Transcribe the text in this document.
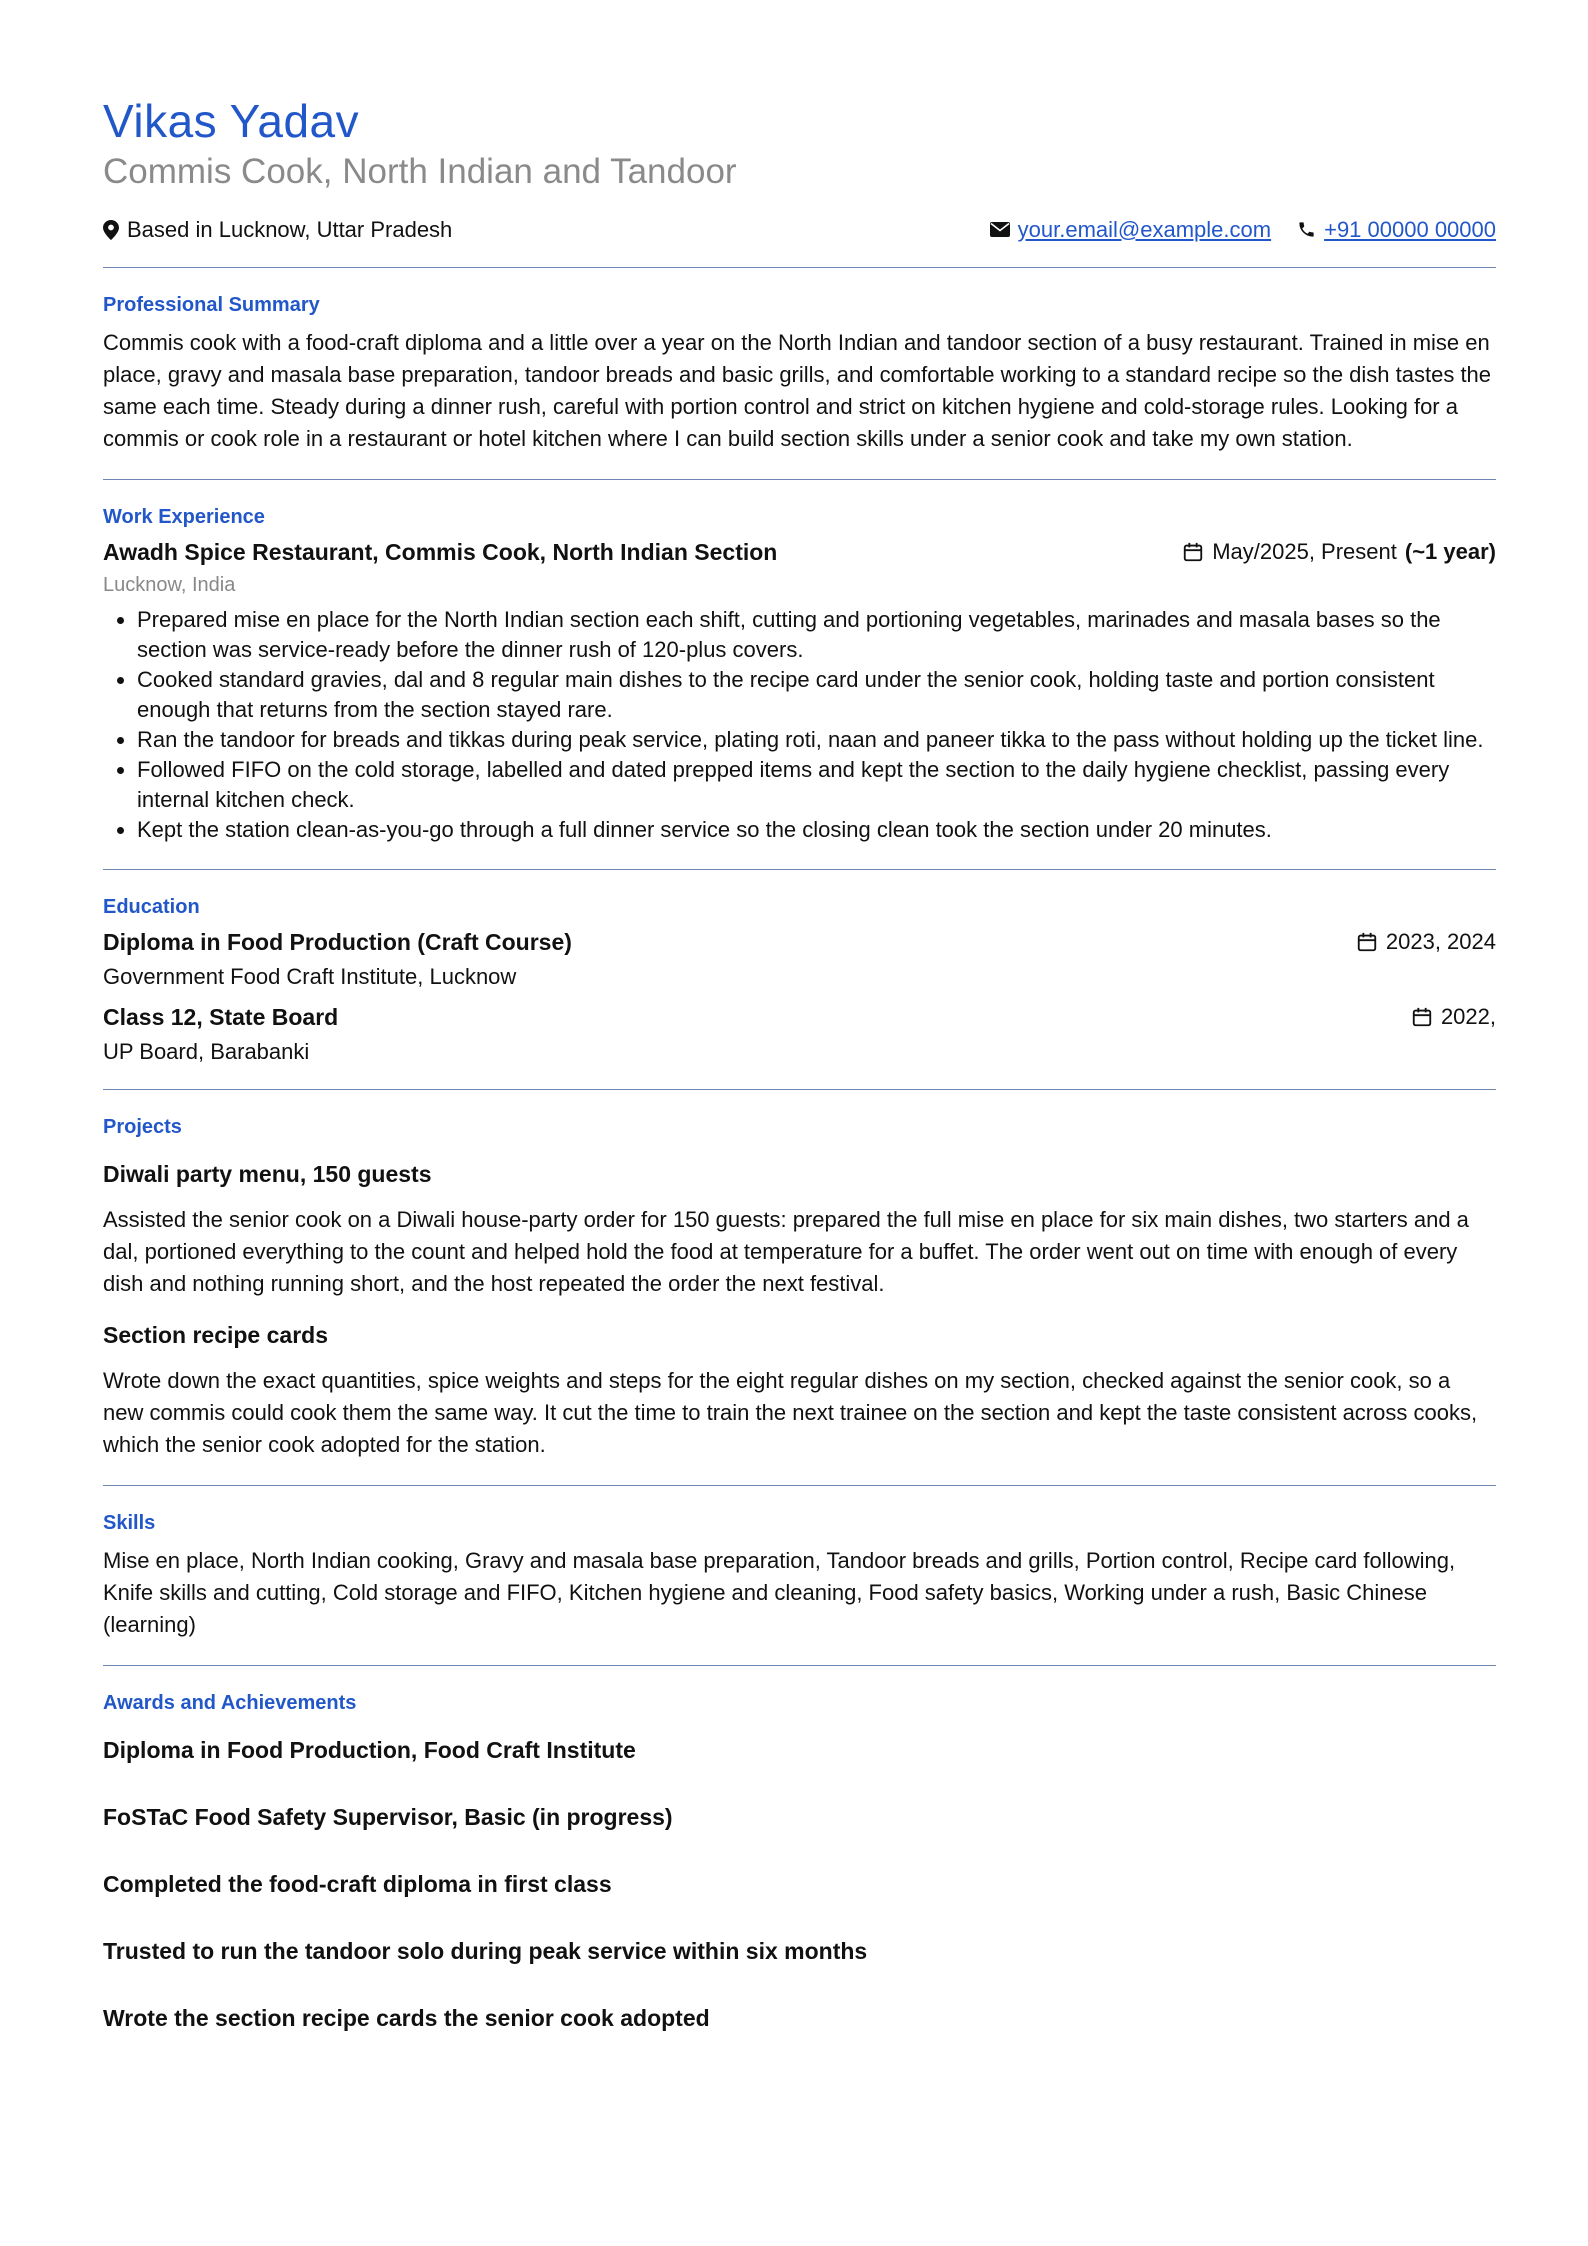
Vikas Yadav
Commis Cook, North Indian and Tandoor
Based in Lucknow, Uttar Pradesh	your.email@example.com +91 00000 00000
Professional Summary

Commis cook with a food-craft diploma and a little over a year on the North Indian and tandoor section of a busy restaurant. Trained in mise en place, gravy and masala base preparation, tandoor breads and basic grills, and comfortable working to a standard recipe so the dish tastes the same each time. Steady during a dinner rush, careful with portion control and strict on kitchen hygiene and cold-storage rules. Looking for a commis or cook role in a restaurant or hotel kitchen where I can build section skills under a senior cook and take my own station.

Work Experience
Awadh Spice Restaurant, Commis Cook, North Indian Section	May/2025, Present (~1 year)
Lucknow, India
• Prepared mise en place for the North Indian section each shift, cutting and portioning vegetables, marinades and masala bases so the section was service-ready before the dinner rush of 120-plus covers.
• Cooked standard gravies, dal and 8 regular main dishes to the recipe card under the senior cook, holding taste and portion consistent enough that returns from the section stayed rare.
• Ran the tandoor for breads and tikkas during peak service, plating roti, naan and paneer tikka to the pass without holding up the ticket line.
• Followed FIFO on the cold storage, labelled and dated prepped items and kept the section to the daily hygiene checklist, passing every internal kitchen check.
• Kept the station clean-as-you-go through a full dinner service so the closing clean took the section under 20 minutes.
Education
Diploma in Food Production (Craft Course)	2023, 2024
Government Food Craft Institute, Lucknow
Class 12, State Board	2022,
UP Board, Barabanki
Projects
Diwali party menu, 150 guests

Assisted the senior cook on a Diwali house-party order for 150 guests: prepared the full mise en place for six main dishes, two starters and a dal, portioned everything to the count and helped hold the food at temperature for a buffet. The order went out on time with enough of every dish and nothing running short, and the host repeated the order the next festival.

Section recipe cards

Wrote down the exact quantities, spice weights and steps for the eight regular dishes on my section, checked against the senior cook, so a new commis could cook them the same way. It cut the time to train the next trainee on the section and kept the taste consistent across cooks, which the senior cook adopted for the station.

Skills

Mise en place, North Indian cooking, Gravy and masala base preparation, Tandoor breads and grills, Portion control, Recipe card following, Knife skills and cutting, Cold storage and FIFO, Kitchen hygiene and cleaning, Food safety basics, Working under a rush, Basic Chinese (learning)

Awards and Achievements
Diploma in Food Production, Food Craft Institute
FoSTaC Food Safety Supervisor, Basic (in progress)
Completed the food-craft diploma in first class
Trusted to run the tandoor solo during peak service within six months
Wrote the section recipe cards the senior cook adopted
